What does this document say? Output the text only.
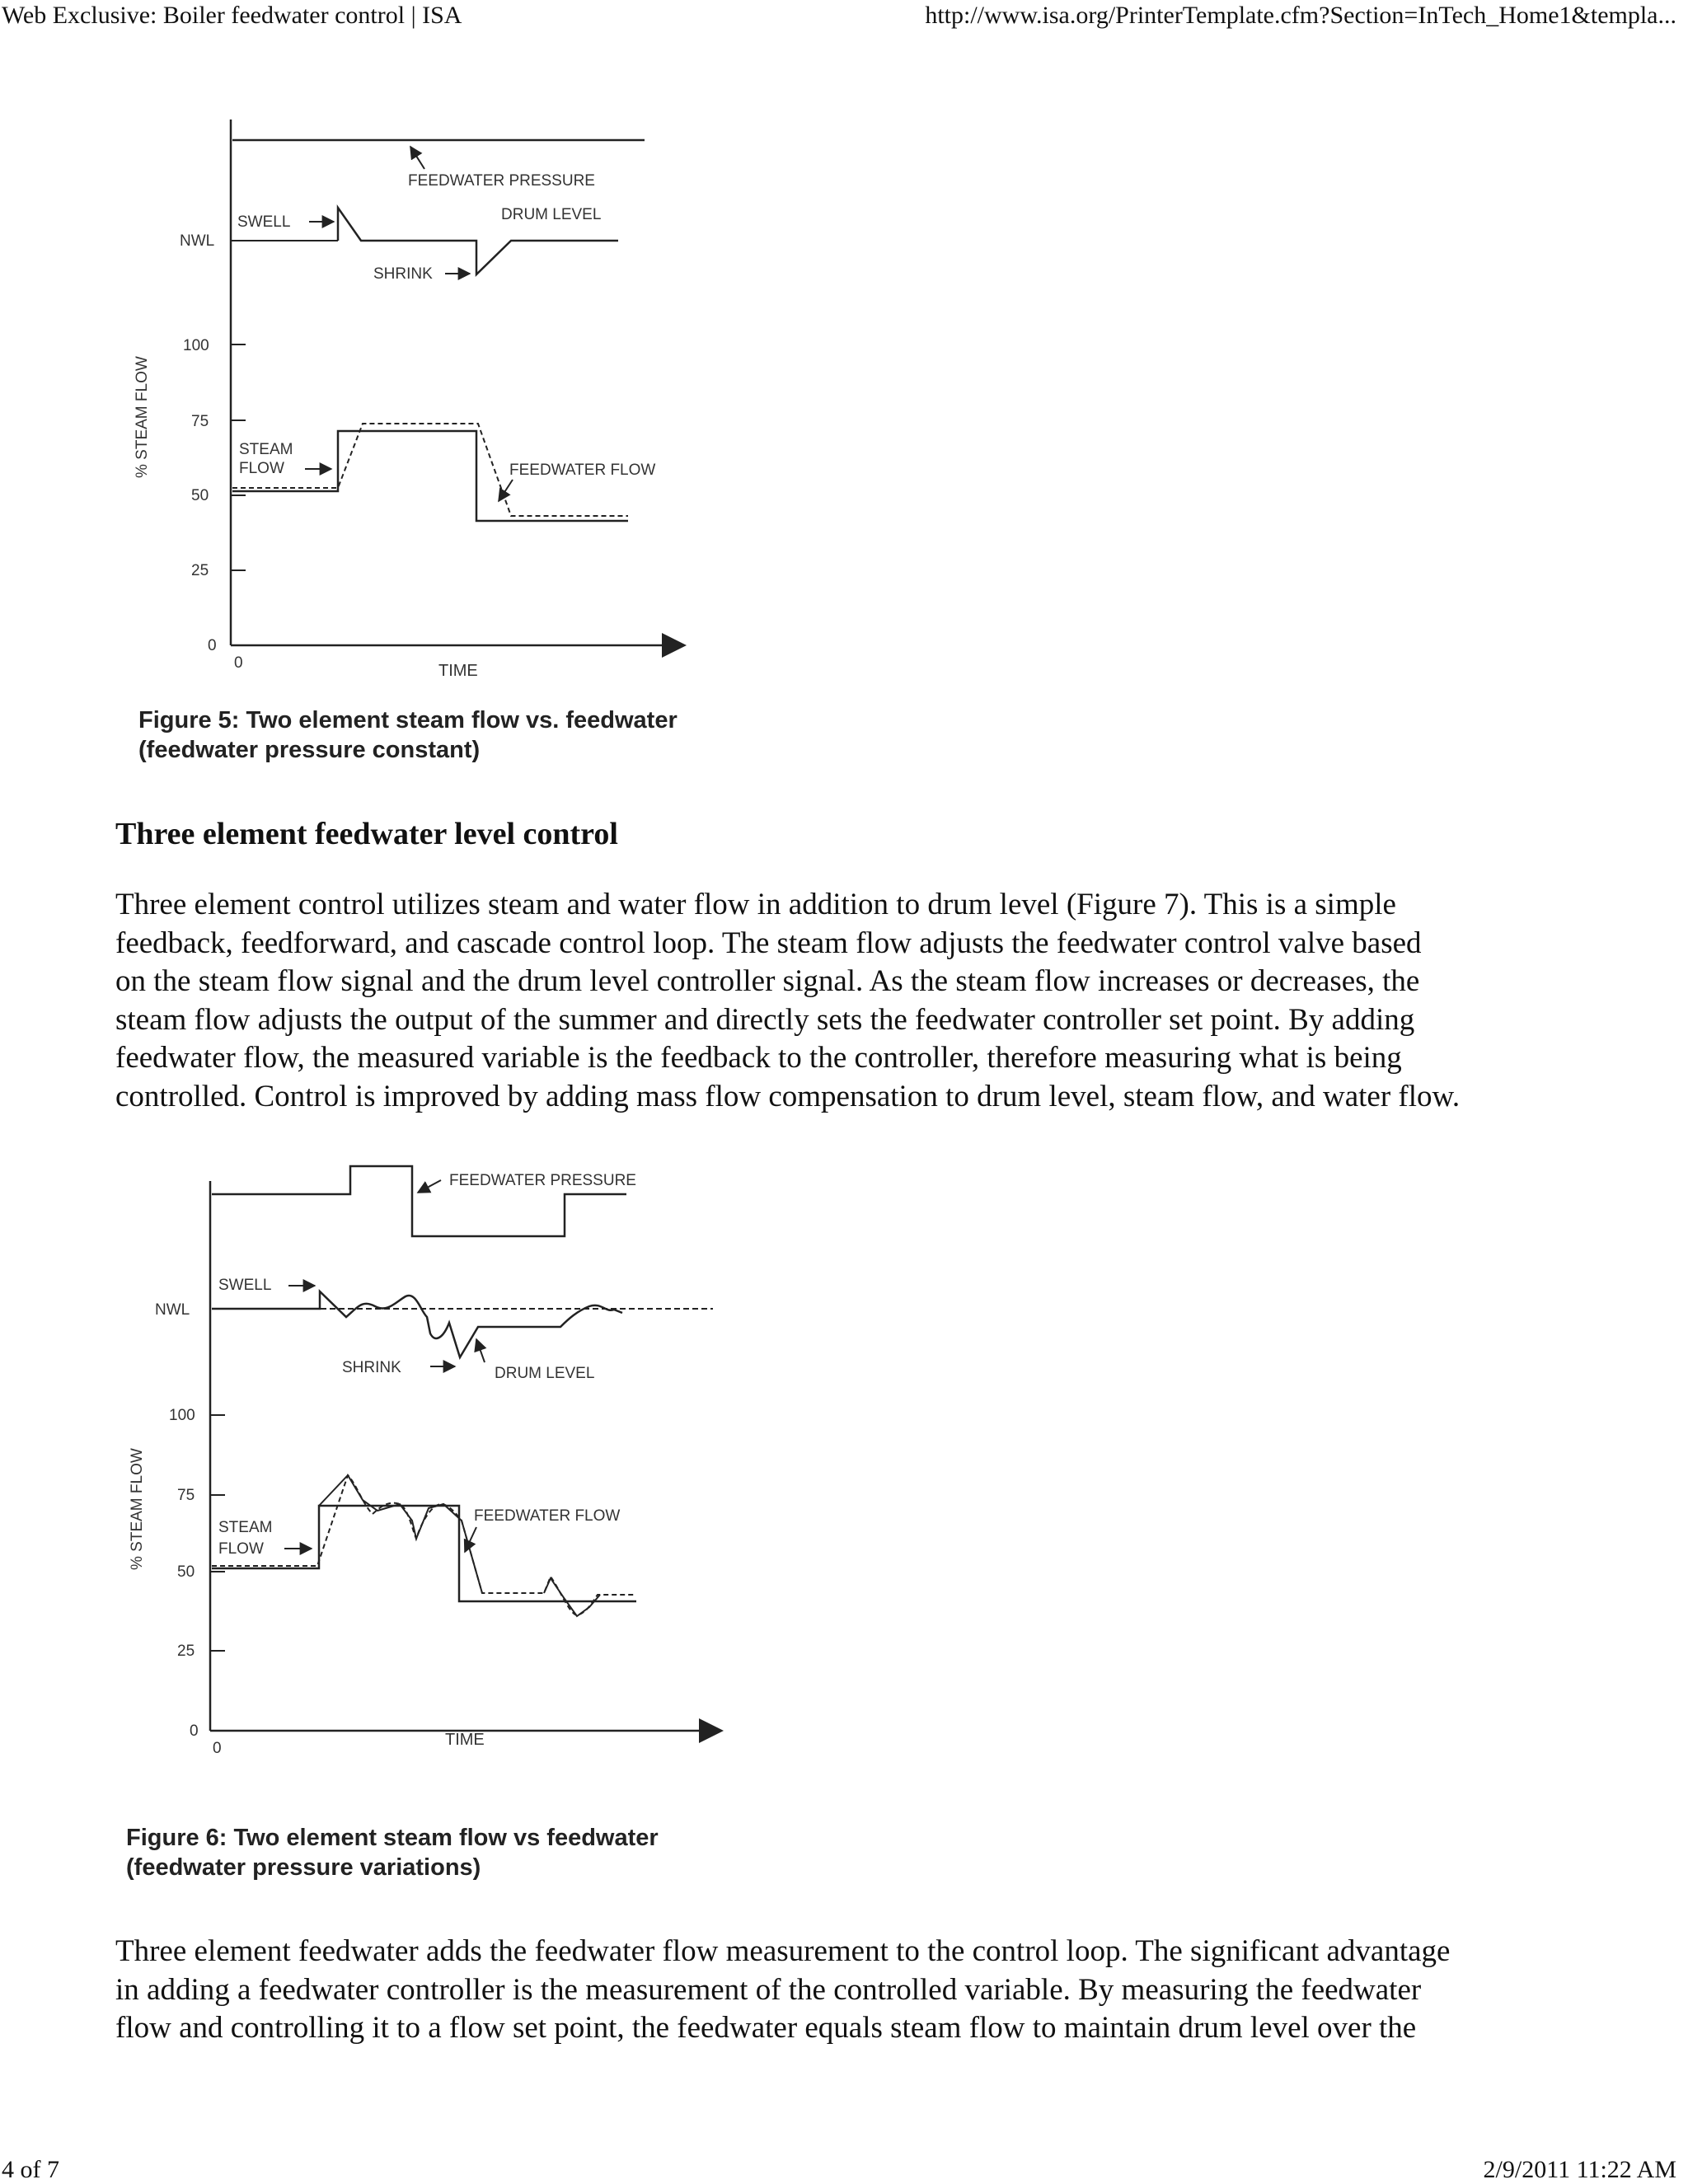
Web Exclusive: Boiler feedwater control | ISA	http://www.isa.org/PrinterTemplate.cfm?Section=InTech_Home1&templa...
100
75
50
25
0
0
NWL
TIME
% STEAM FLOW
FEEDWATER PRESSURE
DRUM LEVEL
SWELL
SHRINK
STEAM
FLOW	FEEDWATER FLOW
Figure 5: Two element steam flow vs. feedwater
(feedwater pressure constant)
Three element feedwater level control
Three element control utilizes steam and water flow in addition to drum level (Figure 7). This is a simple
feedback, feedforward, and cascade control loop. The steam flow adjusts the feedwater control valve based
on the steam flow signal and the drum level controller signal. As the steam flow increases or decreases, the
steam flow adjusts the output of the summer and directly sets the feedwater controller set point. By adding
feedwater flow, the measured variable is the feedback to the controller, therefore measuring what is being
controlled. Control is improved by adding mass flow compensation to drum level, steam flow, and water flow.
100
75
50
25
0
0
NWL
TIME
% STEAM FLOW
FEEDWATER PRESSURE
SWELL
SHRINK	DRUM LEVEL
STEAM
FLOW
FEEDWATER FLOW
Figure 6: Two element steam flow vs feedwater
(feedwater pressure variations)
Three element feedwater adds the feedwater flow measurement to the control loop. The significant advantage
in adding a feedwater controller is the measurement of the controlled variable. By measuring the feedwater
flow and controlling it to a flow set point, the feedwater equals steam flow to maintain drum level over the
4 of 7	2/9/2011 11:22 AM
